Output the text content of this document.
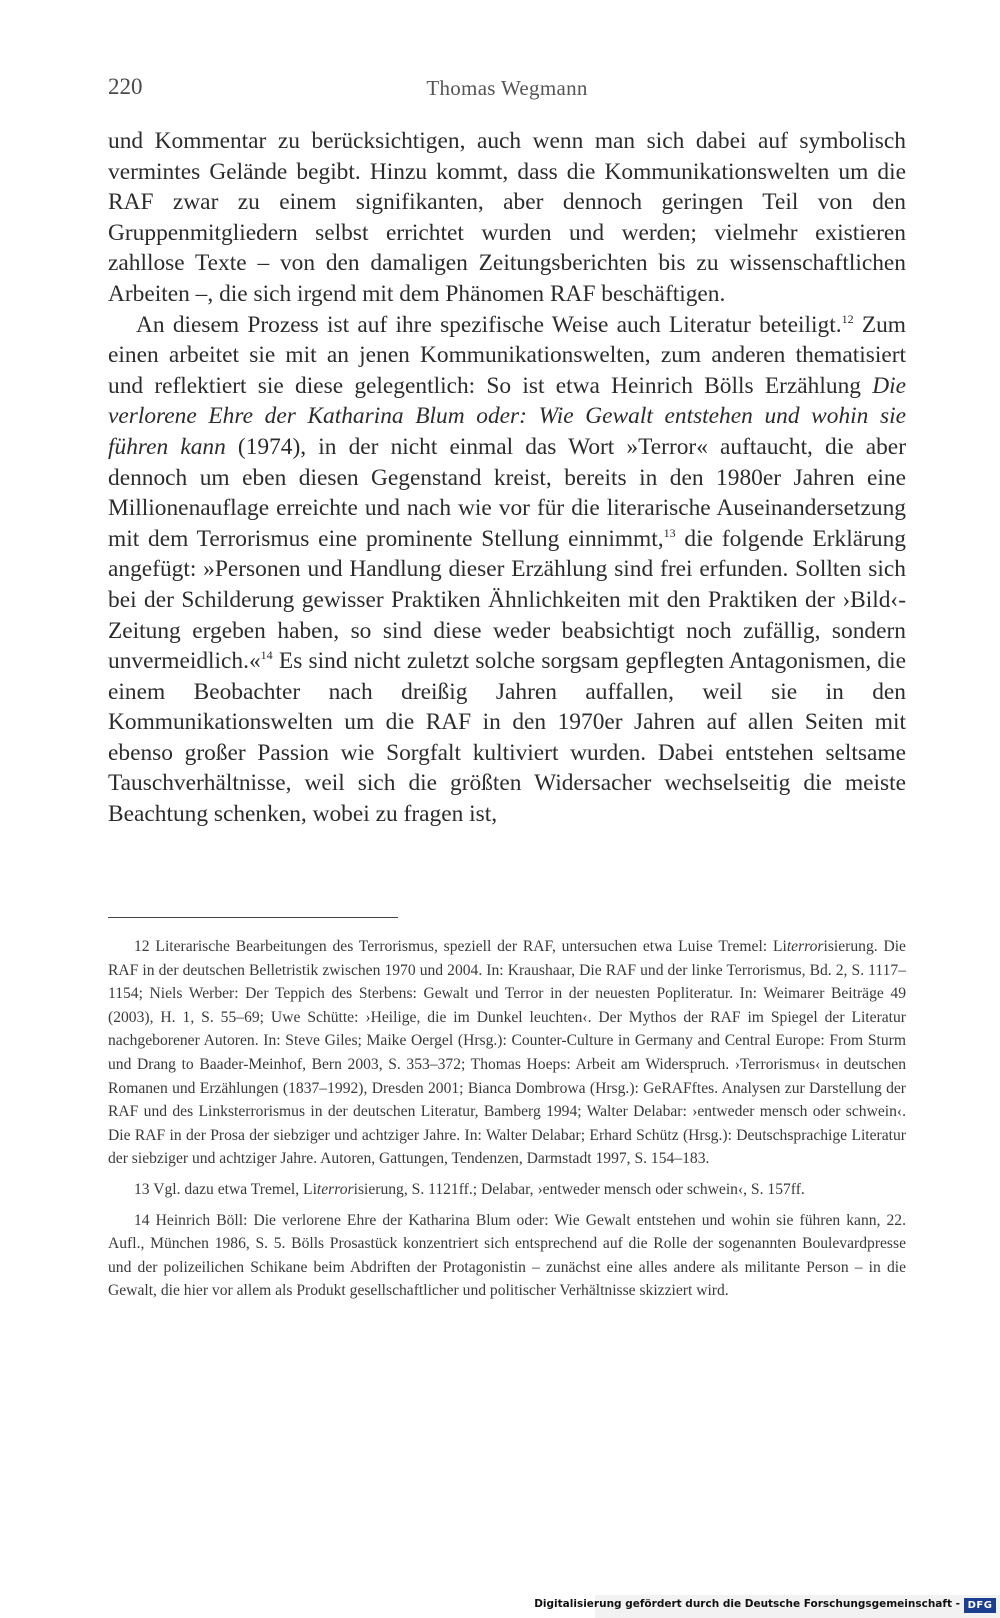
220	Thomas Wegmann

und Kommentar zu berücksichtigen, auch wenn man sich dabei auf symbolisch vermintes Gelände begibt. Hinzu kommt, dass die Kommunikationswelten um die RAF zwar zu einem signifikanten, aber dennoch geringen Teil von den Gruppenmitgliedern selbst errichtet wurden und werden; vielmehr existieren zahllose Texte – von den damaligen Zeitungsberichten bis zu wissenschaftlichen Arbeiten –, die sich irgend mit dem Phänomen RAF beschäftigen.

An diesem Prozess ist auf ihre spezifische Weise auch Literatur beteiligt.$^{12}$ Zum einen arbeitet sie mit an jenen Kommunikationswelten, zum anderen thematisiert und reflektiert sie diese gelegentlich: So ist etwa Heinrich Bölls Erzählung Die verlorene Ehre der Katharina Blum oder: Wie Gewalt entstehen und wohin sie führen kann (1974), in der nicht einmal das Wort »Terror« auftaucht, die aber dennoch um eben diesen Gegenstand kreist, bereits in den 1980er Jahren eine Millionenauflage erreichte und nach wie vor für die literarische Auseinandersetzung mit dem Terrorismus eine prominente Stellung einnimmt,$^{13}$ die folgende Erklärung angefügt: »Personen und Handlung dieser Erzählung sind frei erfunden. Sollten sich bei der Schilderung gewisser Praktiken Ähnlichkeiten mit den Praktiken der ›Bild‹-Zeitung ergeben haben, so sind diese weder beabsichtigt noch zufällig, sondern unvermeidlich.«$^{14}$ Es sind nicht zuletzt solche sorgsam gepflegten Antagonismen, die einem Beobachter nach dreißig Jahren auffallen, weil sie in den Kommunikationswelten um die RAF in den 1970er Jahren auf allen Seiten mit ebenso großer Passion wie Sorgfalt kultiviert wurden. Dabei entstehen seltsame Tauschverhältnisse, weil sich die größten Widersacher wechselseitig die meiste Beachtung schenken, wobei zu fragen ist,

12 Literarische Bearbeitungen des Terrorismus, speziell der RAF, untersuchen etwa Luise Tremel: Literrorisierung. Die RAF in der deutschen Belletristik zwischen 1970 und 2004. In: Kraushaar, Die RAF und der linke Terrorismus, Bd. 2, S. 1117–1154; Niels Werber: Der Teppich des Sterbens: Gewalt und Terror in der neuesten Popliteratur. In: Weimarer Beiträge 49 (2003), H. 1, S. 55–69; Uwe Schütte: ›Heilige, die im Dunkel leuchten‹. Der Mythos der RAF im Spiegel der Literatur nachgeborener Autoren. In: Steve Giles; Maike Oergel (Hrsg.): Counter-Culture in Germany and Central Europe: From Sturm und Drang to Baader-Meinhof, Bern 2003, S. 353–372; Thomas Hoeps: Arbeit am Widerspruch. ›Terrorismus‹ in deutschen Romanen und Erzählungen (1837–1992), Dresden 2001; Bianca Dombrowa (Hrsg.): GeRAFftes. Analysen zur Darstellung der RAF und des Linksterrorismus in der deutschen Literatur, Bamberg 1994; Walter Delabar: ›entweder mensch oder schwein‹. Die RAF in der Prosa der siebziger und achtziger Jahre. In: Walter Delabar; Erhard Schütz (Hrsg.): Deutschsprachige Literatur der siebziger und achtziger Jahre. Autoren, Gattungen, Tendenzen, Darmstadt 1997, S. 154–183.

13 Vgl. dazu etwa Tremel, Literrorisierung, S. 1121ff.; Delabar, ›entweder mensch oder schwein‹, S. 157ff.

14 Heinrich Böll: Die verlorene Ehre der Katharina Blum oder: Wie Gewalt entstehen und wohin sie führen kann, 22. Aufl., München 1986, S. 5. Bölls Prosastück konzentriert sich entsprechend auf die Rolle der sogenannten Boulevardpresse und der polizeilichen Schikane beim Abdriften der Protagonistin – zunächst eine alles andere als militante Person – in die Gewalt, die hier vor allem als Produkt gesellschaftlicher und politischer Verhältnisse skizziert wird.

Digitalisierung gefördert durch die Deutsche Forschungsgemeinschaft - DFG
